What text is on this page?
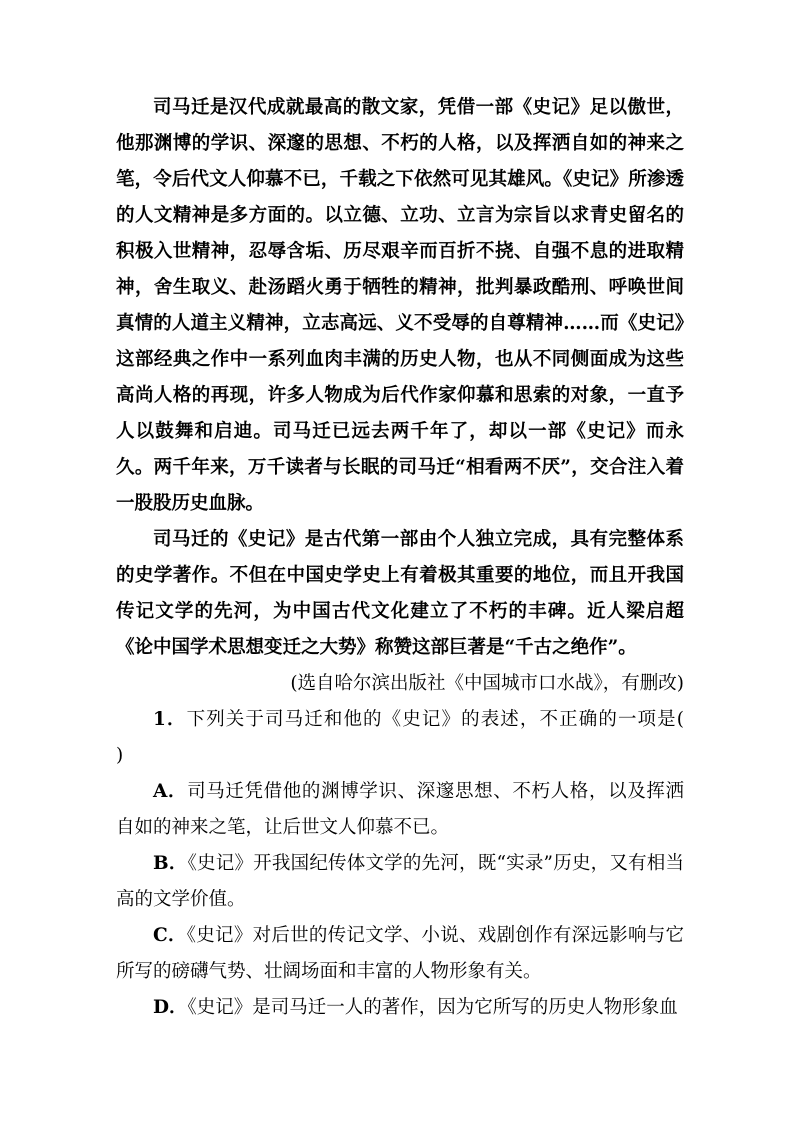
司马迁是汉代成就最高的散文家，凭借一部《史记》足以傲世，他那渊博的学识、深邃的思想、不朽的人格，以及挥洒自如的神来之笔，令后代文人仰慕不已，千载之下依然可见其雄风。《史记》所渗透的人文精神是多方面的。以立德、立功、立言为宗旨以求青史留名的积极入世精神，忍辱含垢、历尽艰辛而百折不挠、自强不息的进取精神，舍生取义、赴汤蹈火勇于牺牲的精神，批判暴政酷刑、呼唤世间真情的人道主义精神，立志高远、义不受辱的自尊精神……而《史记》这部经典之作中一系列血肉丰满的历史人物，也从不同侧面成为这些高尚人格的再现，许多人物成为后代作家仰慕和思索的对象，一直予人以鼓舞和启迪。司马迁已远去两千年了，却以一部《史记》而永久。两千年来，万千读者与长眠的司马迁“相看两不厌”，交合注入着一股股历史血脉。

司马迁的《史记》是古代第一部由个人独立完成，具有完整体系的史学著作。不但在中国史学史上有着极其重要的地位，而且开我国传记文学的先河，为中国古代文化建立了不朽的丰碑。近人梁启超《论中国学术思想变迁之大势》称赞这部巨著是“千古之绝作”。

(选自哈尔滨出版社《中国城市口水战》，有删改)

1．下列关于司马迁和他的《史记》的表述，不正确的一项是(　　)

A．司马迁凭借他的渊博学识、深邃思想、不朽人格，以及挥洒自如的神来之笔，让后世文人仰慕不已。

B．《史记》开我国纪传体文学的先河，既“实录”历史，又有相当高的文学价值。

C．《史记》对后世的传记文学、小说、戏剧创作有深远影响与它所写的磅礴气势、壮阔场面和丰富的人物形象有关。

D．《史记》是司马迁一人的著作，因为它所写的历史人物形象血
